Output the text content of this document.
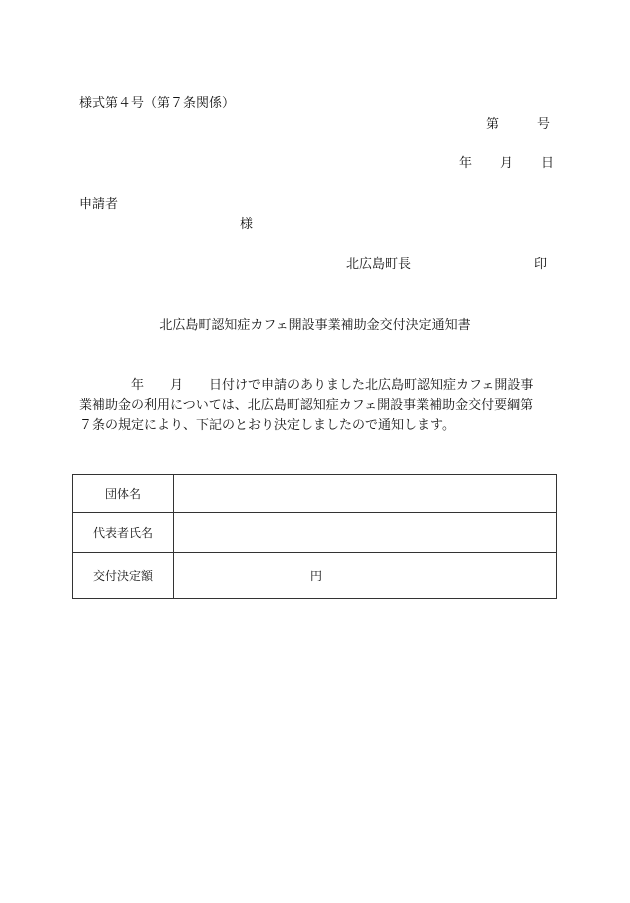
様式第４号（第７条関係）
第	号
年 月 日
申請者
様
北広島町長	印
北広島町認知症カフェ開設事業補助金交付決定通知書
年 月 日付けで申請のありました北広島町認知症カフェ開設事
業補助金の利用については、北広島町認知症カフェ開設事業補助金交付要綱第
７条の規定により、下記のとおり決定しましたので通知します。
団体名	
代表者氏名	
交付決定額	円
